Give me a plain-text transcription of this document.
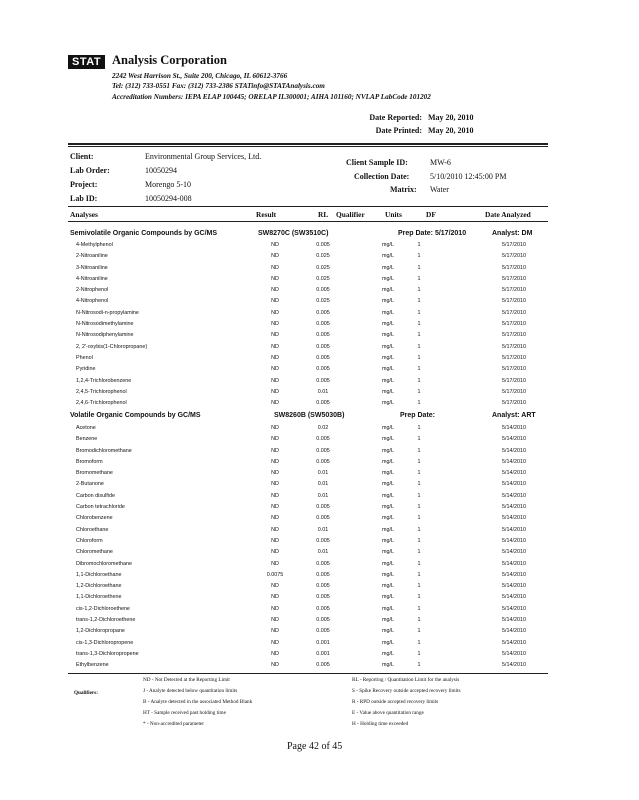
STAT Analysis Corporation
2242 West Harrison St., Suite 200, Chicago, IL 60612-3766
Tel: (312) 733-0551 Fax: (312) 733-2386 STATinfo@STATAnalysis.com
Accreditation Numbers: IEPA ELAP 100445; ORELAP IL300001; AIHA 101160; NVLAP LabCode 101202
Date Reported: May 20, 2010
Date Printed: May 20, 2010
Client:	Environmental Group Services, Ltd.
Lab Order:	10050294
Project:	Morengo 5-10
Lab ID:	10050294-008
Client Sample ID:	MW-6
Collection Date:	5/10/2010 12:45:00 PM
Matrix: Water
Analyses	Result	RL Qualifier	Units	DF	Date Analyzed
Semivolatile Organic Compounds by GC/MS	SW8270C (SW3510C)	Prep Date: 5/17/2010	Analyst: DM
4-Methylphenol	ND	0.005	mg/L	1	5/17/2010
2-Nitroaniline	ND	0.025	mg/L	1	5/17/2010
3-Nitroaniline	ND	0.025	mg/L	1	5/17/2010
4-Nitroaniline	ND	0.025	mg/L	1	5/17/2010
2-Nitrophenol	ND	0.005	mg/L	1	5/17/2010
4-Nitrophenol	ND	0.025	mg/L	1	5/17/2010
N-Nitrosodi-n-propylamine	ND	0.005	mg/L	1	5/17/2010
N-Nitrosodimethylamine	ND	0.005	mg/L	1	5/17/2010
N-Nitrosodiphenylamine	ND	0.005	mg/L	1	5/17/2010
2, 2'-oxybis(1-Chloropropane)	ND	0.005	mg/L	1	5/17/2010
Phenol	ND	0.005	mg/L	1	5/17/2010
Pyridine	ND	0.005	mg/L	1	5/17/2010
1,2,4-Trichlorobenzene	ND	0.005	mg/L	1	5/17/2010
2,4,5-Trichlorophenol	ND	0.01	mg/L	1	5/17/2010
2,4,6-Trichlorophenol	ND	0.005	mg/L	1	5/17/2010
Volatile Organic Compounds by GC/MS	SW8260B (SW5030B)	Prep Date:	Analyst: ART
Acetone	ND	0.02	mg/L	1	5/14/2010
Benzene	ND	0.005	mg/L	1	5/14/2010
Bromodichloromethane	ND	0.005	mg/L	1	5/14/2010
Bromoform	ND	0.005	mg/L	1	5/14/2010
Bromomethane	ND	0.01	mg/L	1	5/14/2010
2-Butanone	ND	0.01	mg/L	1	5/14/2010
Carbon disulfide	ND	0.01	mg/L	1	5/14/2010
Carbon tetrachloride	ND	0.005	mg/L	1	5/14/2010
Chlorobenzene	ND	0.005	mg/L	1	5/14/2010
Chloroethane	ND	0.01	mg/L	1	5/14/2010
Chloroform	ND	0.005	mg/L	1	5/14/2010
Chloromethane	ND	0.01	mg/L	1	5/14/2010
Dibromochloromethane	ND	0.005	mg/L	1	5/14/2010
1,1-Dichloroethane	0.0075	0.005	mg/L	1	5/14/2010
1,2-Dichloroethane	ND	0.005	mg/L	1	5/14/2010
1,1-Dichloroethene	ND	0.005	mg/L	1	5/14/2010
cis-1,2-Dichloroethene	ND	0.005	mg/L	1	5/14/2010
trans-1,2-Dichloroethene	ND	0.005	mg/L	1	5/14/2010
1,2-Dichloropropane	ND	0.005	mg/L	1	5/14/2010
cis-1,3-Dichloropropene	ND	0.001	mg/L	1	5/14/2010
trans-1,3-Dichloropropene	ND	0.001	mg/L	1	5/14/2010
Ethylbenzene	ND	0.005	mg/L	1	5/14/2010
Qualifiers:
ND - Not Detected at the Reporting Limit
J - Analyte detected below quantitation limits
B - Analyte detected in the associated Method Blank
HT - Sample received past holding time
* - Non-accredited parameter
RL - Reporting / Quantitation Limit for the analysis
S - Spike Recovery outside accepted recovery limits
R - RPD outside accepted recovery limits
E - Value above quantitation range
H - Holding time exceeded
Page 42 of 45
